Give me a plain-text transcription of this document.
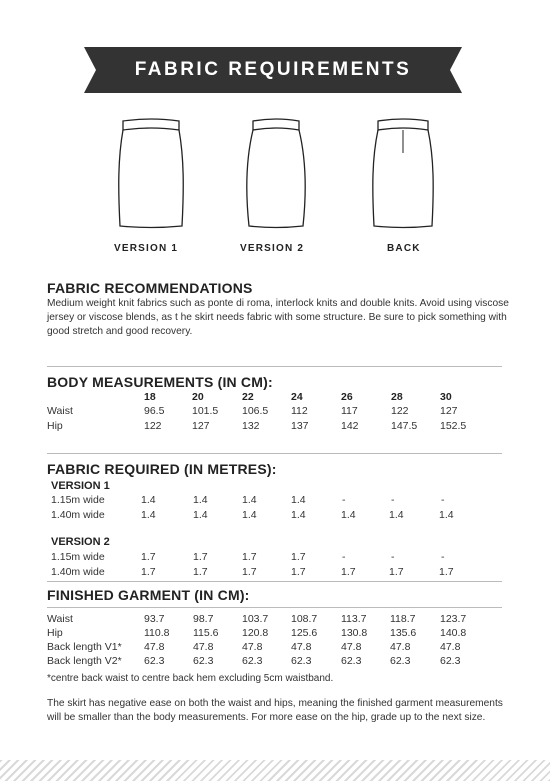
FABRIC REQUIREMENTS
VERSION 1	VERSION 2	BACK
FABRIC RECOMMENDATIONS
Medium weight knit fabrics such as ponte di roma, interlock knits and double knits. Avoid using viscose jersey or viscose blends, as t he skirt needs fabric with some structure. Be sure to pick something with good stretch and good recovery.
BODY MEASUREMENTS (IN CM):
18	20	22	24	26	28	30
Waist	96.5	101.5 106.5 112	117	122	127
Hip	122	127	132	137	142	147.5 152.5
FABRIC REQUIRED (IN METRES):
VERSION 1
1.15m wide	1.4	1.4	1.4	1.4	-	-	-
1.40m wide	1.4	1.4	1.4	1.4	1.4	1.4	1.4
VERSION 2
1.15m wide	1.7	1.7	1.7	1.7	-	-	-
1.40m wide	1.7	1.7	1.7	1.7	1.7	1.7	1.7
FINISHED GARMENT (IN CM):
Waist	93.7	98.7	103.7 108.7 113.7 118.7 123.7
Hip	110.8 115.6 120.8 125.6 130.8 135.6 140.8
Back length V1* 47.8	47.8	47.8	47.8	47.8	47.8	47.8
Back length V2* 62.3	62.3	62.3	62.3	62.3	62.3	62.3
*centre back waist to centre back hem excluding 5cm waistband.
The skirt has negative ease on both the waist and hips, meaning the finished garment measurements will be smaller than the body measurements. For more ease on the hip, grade up to the next size.
